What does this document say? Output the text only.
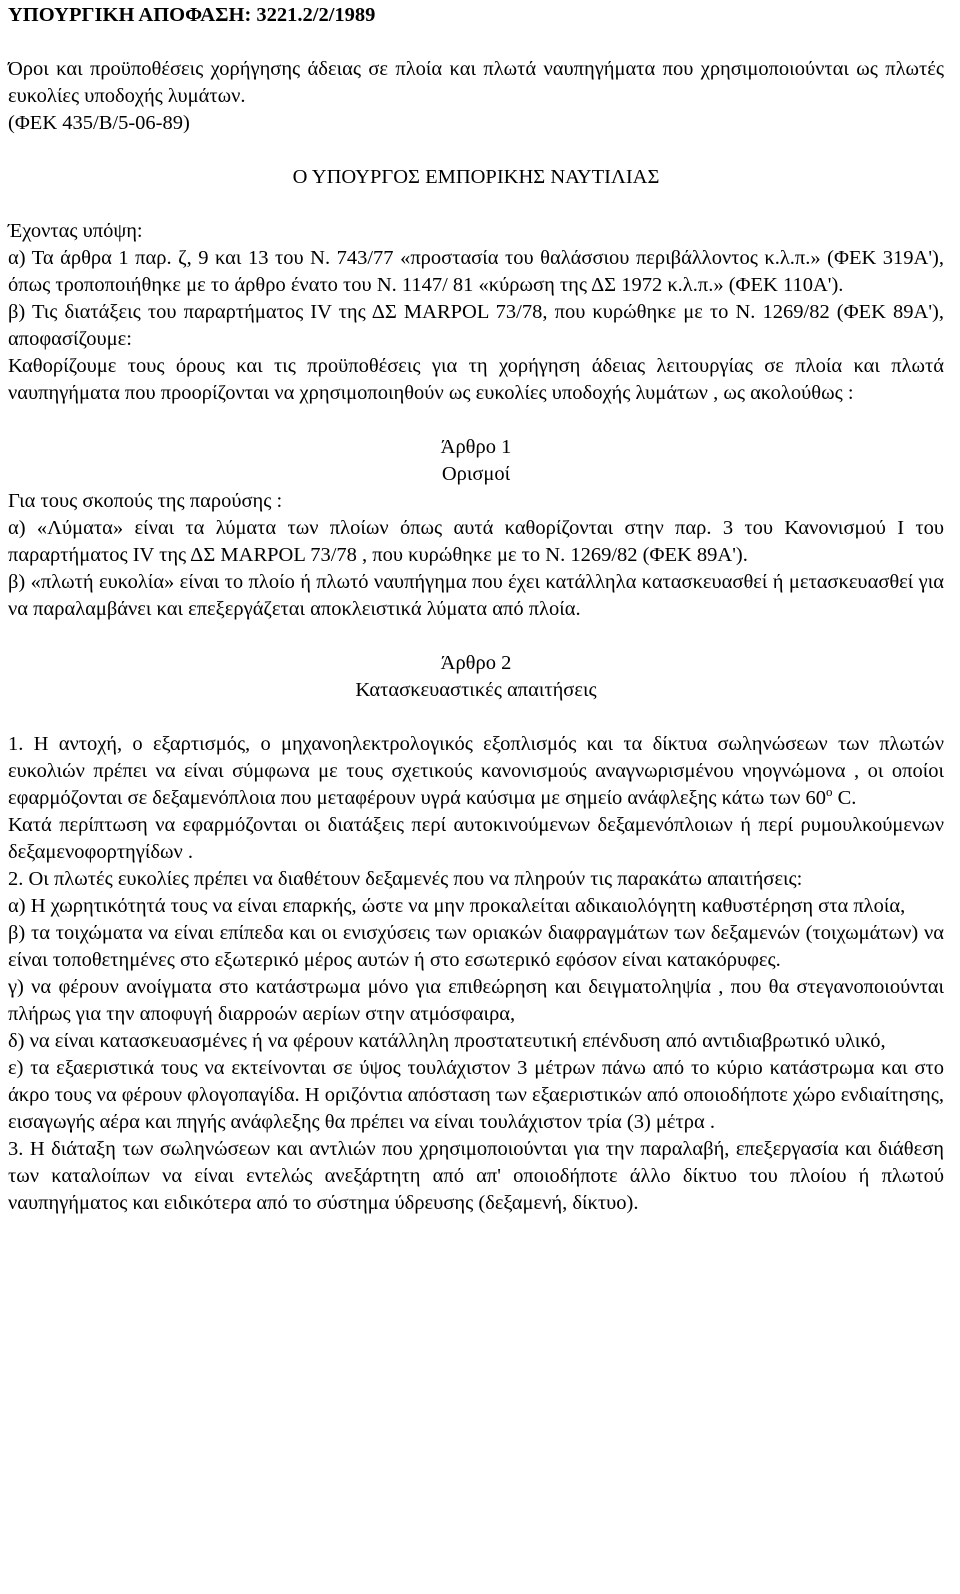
ΥΠΟΥΡΓΙΚΗ ΑΠΟΦΑΣΗ: 3221.2/2/1989

Όροι και προϋποθέσεις χορήγησης άδειας σε πλοία και πλωτά ναυπηγήματα που χρησιμοποιούνται ως πλωτές ευκολίες υποδοχής λυμάτων.

(ΦΕΚ 435/Β/5-06-89)

Ο ΥΠΟΥΡΓΟΣ ΕΜΠΟΡΙΚΗΣ ΝΑΥΤΙΛΙΑΣ

Έχοντας υπόψη:

α) Τα άρθρα 1 παρ. ζ, 9 και 13 του Ν. 743/77 «προστασία του θαλάσσιου περιβάλλοντος κ.λ.π.» (ΦΕΚ 319Α'), όπως τροποποιήθηκε με το άρθρο ένατο του Ν. 1147/ 81 «κύρωση της ΔΣ 1972 κ.λ.π.» (ΦΕΚ 110Α').

β) Τις διατάξεις του παραρτήματος IV της ΔΣ MARPOL 73/78, που κυρώθηκε με το Ν. 1269/82 (ΦΕΚ 89Α'), αποφασίζουμε:

Καθορίζουμε τους όρους και τις προϋποθέσεις για τη χορήγηση άδειας λειτουργίας σε πλοία και πλωτά ναυπηγήματα που προορίζονται να χρησιμοποιηθούν ως ευκολίες υποδοχής λυμάτων , ως ακολούθως :

Άρθρο 1

Ορισμοί

Για τους σκοπούς της παρούσης :

α) «Λύματα» είναι τα λύματα των πλοίων όπως αυτά καθορίζονται στην παρ. 3 του Κανονισμού Ι του παραρτήματος IV της ΔΣ MARPOL 73/78 , που κυρώθηκε με το Ν. 1269/82 (ΦΕΚ 89Α').

β) «πλωτή ευκολία» είναι το πλοίο ή πλωτό ναυπήγημα που έχει κατάλληλα κατασκευασθεί ή μετασκευασθεί για να παραλαμβάνει και επεξεργάζεται αποκλειστικά λύματα από πλοία.

Άρθρο 2

Κατασκευαστικές απαιτήσεις

1. Η αντοχή, ο εξαρτισμός, ο μηχανοηλεκτρολογικός εξοπλισμός και τα δίκτυα σωληνώσεων των πλωτών ευκολιών πρέπει να είναι σύμφωνα με τους σχετικούς κανονισμούς αναγνωρισμένου νηογνώμονα , οι οποίοι εφαρμόζονται σε δεξαμενόπλοια που μεταφέρουν υγρά καύσιμα με σημείο ανάφλεξης κάτω των $60^o$ C.

Κατά περίπτωση να εφαρμόζονται οι διατάξεις περί αυτοκινούμενων δεξαμενόπλοιων ή περί ρυμουλκούμενων δεξαμενοφορτηγίδων .

2. Οι πλωτές ευκολίες πρέπει να διαθέτουν δεξαμενές που να πληρούν τις παρακάτω απαιτήσεις:

α) Η χωρητικότητά τους να είναι επαρκής, ώστε να μην προκαλείται αδικαιολόγητη καθυστέρηση στα πλοία,

β) τα τοιχώματα να είναι επίπεδα και οι ενισχύσεις των οριακών διαφραγμάτων των δεξαμενών (τοιχωμάτων) να είναι τοποθετημένες στο εξωτερικό μέρος αυτών ή στο εσωτερικό εφόσον είναι κατακόρυφες.

γ) να φέρουν ανοίγματα στο κατάστρωμα μόνο για επιθεώρηση και δειγματοληψία , που θα στεγανοποιούνται πλήρως για την αποφυγή διαρροών αερίων στην ατμόσφαιρα,

δ) να είναι κατασκευασμένες ή να φέρουν κατάλληλη προστατευτική επένδυση από αντιδιαβρωτικό υλικό,

ε) τα εξαεριστικά τους να εκτείνονται σε ύψος τουλάχιστον 3 μέτρων πάνω από το κύριο κατάστρωμα και στο άκρο τους να φέρουν φλογοπαγίδα. Η οριζόντια απόσταση των εξαεριστικών από οποιοδήποτε χώρο ενδιαίτησης, εισαγωγής αέρα και πηγής ανάφλεξης θα πρέπει να είναι τουλάχιστον τρία (3) μέτρα .

3. Η διάταξη των σωληνώσεων και αντλιών που χρησιμοποιούνται για την παραλαβή, επεξεργασία και διάθεση των καταλοίπων να είναι εντελώς ανεξάρτητη από απ' οποιοδήποτε άλλο δίκτυο του πλοίου ή πλωτού ναυπηγήματος και ειδικότερα από το σύστημα ύδρευσης (δεξαμενή, δίκτυο).
